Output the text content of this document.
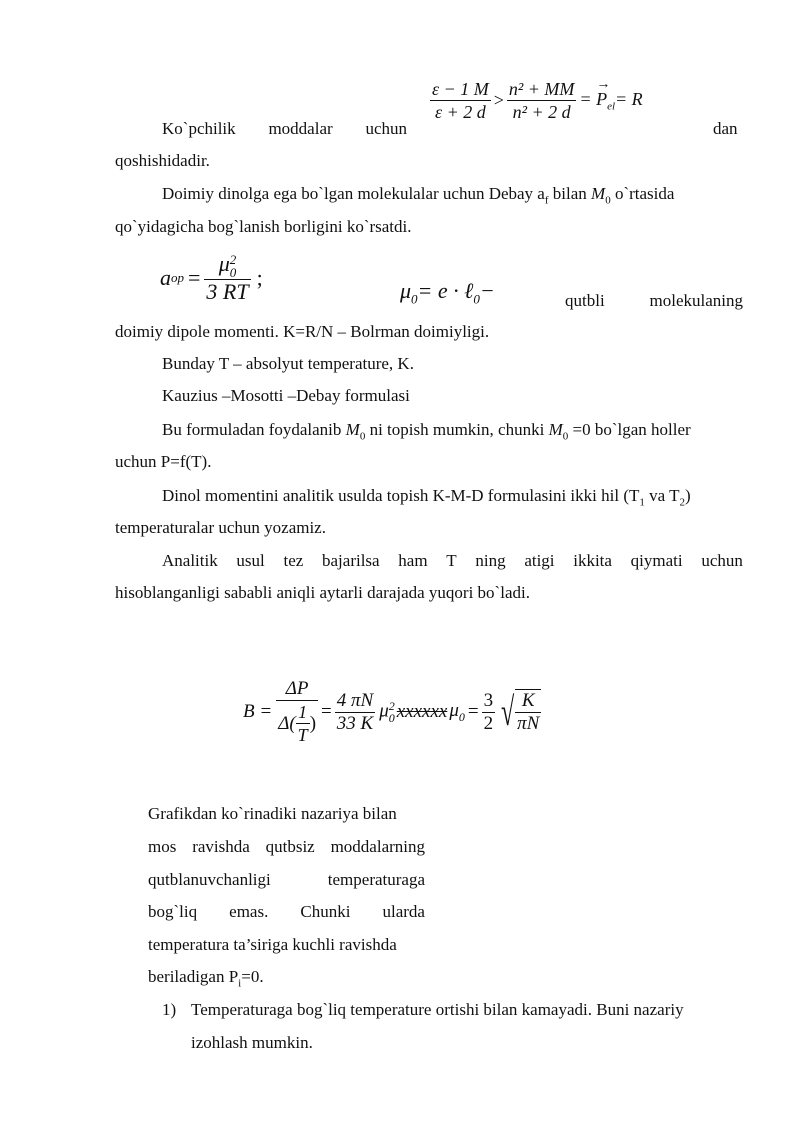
Ko`pchilik moddalar uchun
$\frac{\varepsilon - 1 M}{\varepsilon + 2 d} > \frac{\text{n² + MM}}{\text{n² + 2 d}}$ →
= $P_{el}= R$
dan
qoshishidadir.
Doimiy dinolga ega bo`lgan molekulalar uchun Debay $a_f$ bilan $M_0$ o`rtasida
qo`yidagicha bog`lanish borligini ko`rsatdi.
a op = μ 2
0
3 RT ;
$\mu_0= e$ · ℓ$_0$−	qutbli	molekulaning
doimiy dipole momenti. K=R/N – Bolrman doimiyligi.
Bunday T – absolyut temperature, K.
Kauzius –Mosotti –Debay formulasi
Bu formuladan foydalanib $M_0$ ni topish mumkin, chunki $M_0 =0$ bo`lgan holler
uchun P=f(T).
Dinol momentini analitik usulda topish K-M-D formulasini ikki hil ($T_1$ va $T_2$)
temperaturalar uchun yozamiz.
Analitik usul tez bajarilsa ham T ning atigi ikkita qiymati uchun
hisoblanganligi sababli aniqli aytarli darajada yuqori bo`ladi.
$B = \frac{\Delta P}{\Delta( \frac{1}{T} )} = \frac{4 \pi N}{33 K}$ μ 2
0 xxxxxx $\mu_0 = \frac{3}{2}$ √ $\frac{K}{\pi N}$
Grafikdan ko`rinadiki nazariya bilan
mos ravishda qutbsiz moddalarning
qutblanuvchanligi	temperaturaga
bog`liq emas. Chunki ularda
temperatura ta’siriga kuchli ravishda
beriladigan $P_i=0$.
1) Temperaturaga bog`liq temperature ortishi bilan kamayadi. Buni nazariy
izohlash mumkin.
